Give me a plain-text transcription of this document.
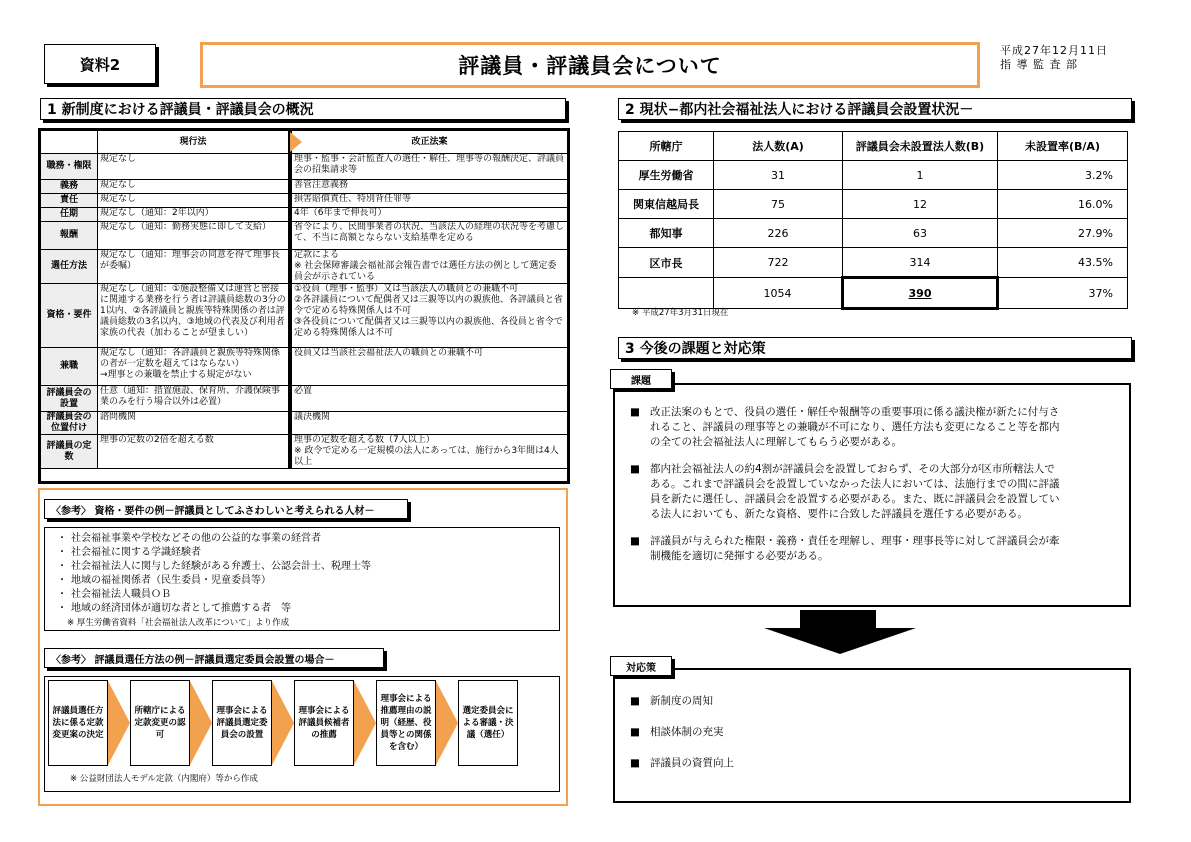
資料2	評議員・評議員会について
平成27年12月11日
指 導 監 査 部
1 新制度における評議員・評議員会の概況
	現行法	改正法案
職務・権限	規定なし	理事・監事・会計監査人の選任・解任、理事等の報酬決定、評議員会の招集請求等
義務	規定なし	善管注意義務
責任	規定なし	損害賠償責任、特別背任罪等
任期	規定なし（通知：2年以内）	4年（6年まで伸長可）
報酬	規定なし（通知：勤務実態に即して支給）	省令により、民間事業者の状況、当該法人の経理の状況等を考慮して、不当に高額とならない支給基準を定める
選任方法	規定なし（通知：理事会の同意を得て理事長が委嘱）	定款による
※ 社会保障審議会福祉部会報告書では選任方法の例として選定委員会が示されている
資格・要件	規定なし（通知：①施設整備又は運営と密接に関連する業務を行う者は評議員総数の3分の1以内、②各評議員と親族等特殊関係の者は評議員総数の3名以内、③地域の代表及び利用者家族の代表（加わることが望ましい）	①役員（理事・監事）又は当該法人の職員との兼職不可
②各評議員について配偶者又は三親等以内の親族他、各評議員と省令で定める特殊関係人は不可
③各役員について配偶者又は三親等以内の親族他、各役員と省令で定める特殊関係人は不可
兼職	規定なし（通知：各評議員と親族等特殊関係の者が一定数を超えてはならない）
→理事との兼職を禁止する規定がない	役員又は当該社会福祉法人の職員との兼職不可
評議員会の設置	任意（通知：措置施設、保育所、介護保険事業のみを行う場合以外は必置）	必置
評議員会の位置付け	諮問機関	議決機関
評議員の定数	理事の定数の2倍を超える数	理事の定数を超える数（7人以上）
※ 政令で定める一定規模の法人にあっては、施行から3年間は4人以上
〈参考〉 資格・要件の例－評議員としてふさわしいと考えられる人材－
・ 社会福祉事業や学校などその他の公益的な事業の経営者
・ 社会福祉に関する学識経験者
・ 社会福祉法人に関与した経験がある弁護士、公認会計士、税理士等
・ 地域の福祉関係者（民生委員・児童委員等）
・ 社会福祉法人職員ＯＢ
・ 地域の経済団体が適切な者として推薦する者　等
※ 厚生労働省資料「社会福祉法人改革について」より作成
〈参考〉 評議員選任方法の例－評議員選定委員会設置の場合－
評議員選任方法に係る定款変更案の決定
所轄庁による定款変更の認可
理事会による評議員選定委員会の設置
理事会による評議員候補者の推薦
理事会による推薦理由の説明（経歴、役員等との関係を含む）
選定委員会による審議・決議（選任）
※ 公益財団法人モデル定款（内閣府）等から作成
2 現状−都内社会福祉法人における評議員会設置状況－
所轄庁	法人数(A)	評議員会未設置法人数(B)	未設置率(B/A)
厚生労働省	31	1	3.2%
関東信越局長	75	12	16.0%
都知事	226	63	27.9%
区市長	722	314	43.5%
	1054	390	37%
※ 平成27年3月31日現在
3 今後の課題と対応策
課題
■ 改正法案のもとで、役員の選任・解任や報酬等の重要事項に係る議決権が新たに付与されること、評議員の理事等との兼職が不可になり、選任方法も変更になること等を都内の全ての社会福祉法人に理解してもらう必要がある。
■ 都内社会福祉法人の約4割が評議員会を設置しておらず、その大部分が区市所轄法人である。これまで評議員会を設置していなかった法人においては、法施行までの間に評議員を新たに選任し、評議員会を設置する必要がある。また、既に評議員会を設置している法人においても、新たな資格、要件に合致した評議員を選任する必要がある。
■ 評議員が与えられた権限・義務・責任を理解し、理事・理事長等に対して評議員会が牽制機能を適切に発揮する必要がある。
対応策
■ 新制度の周知
■ 相談体制の充実
■ 評議員の資質向上
